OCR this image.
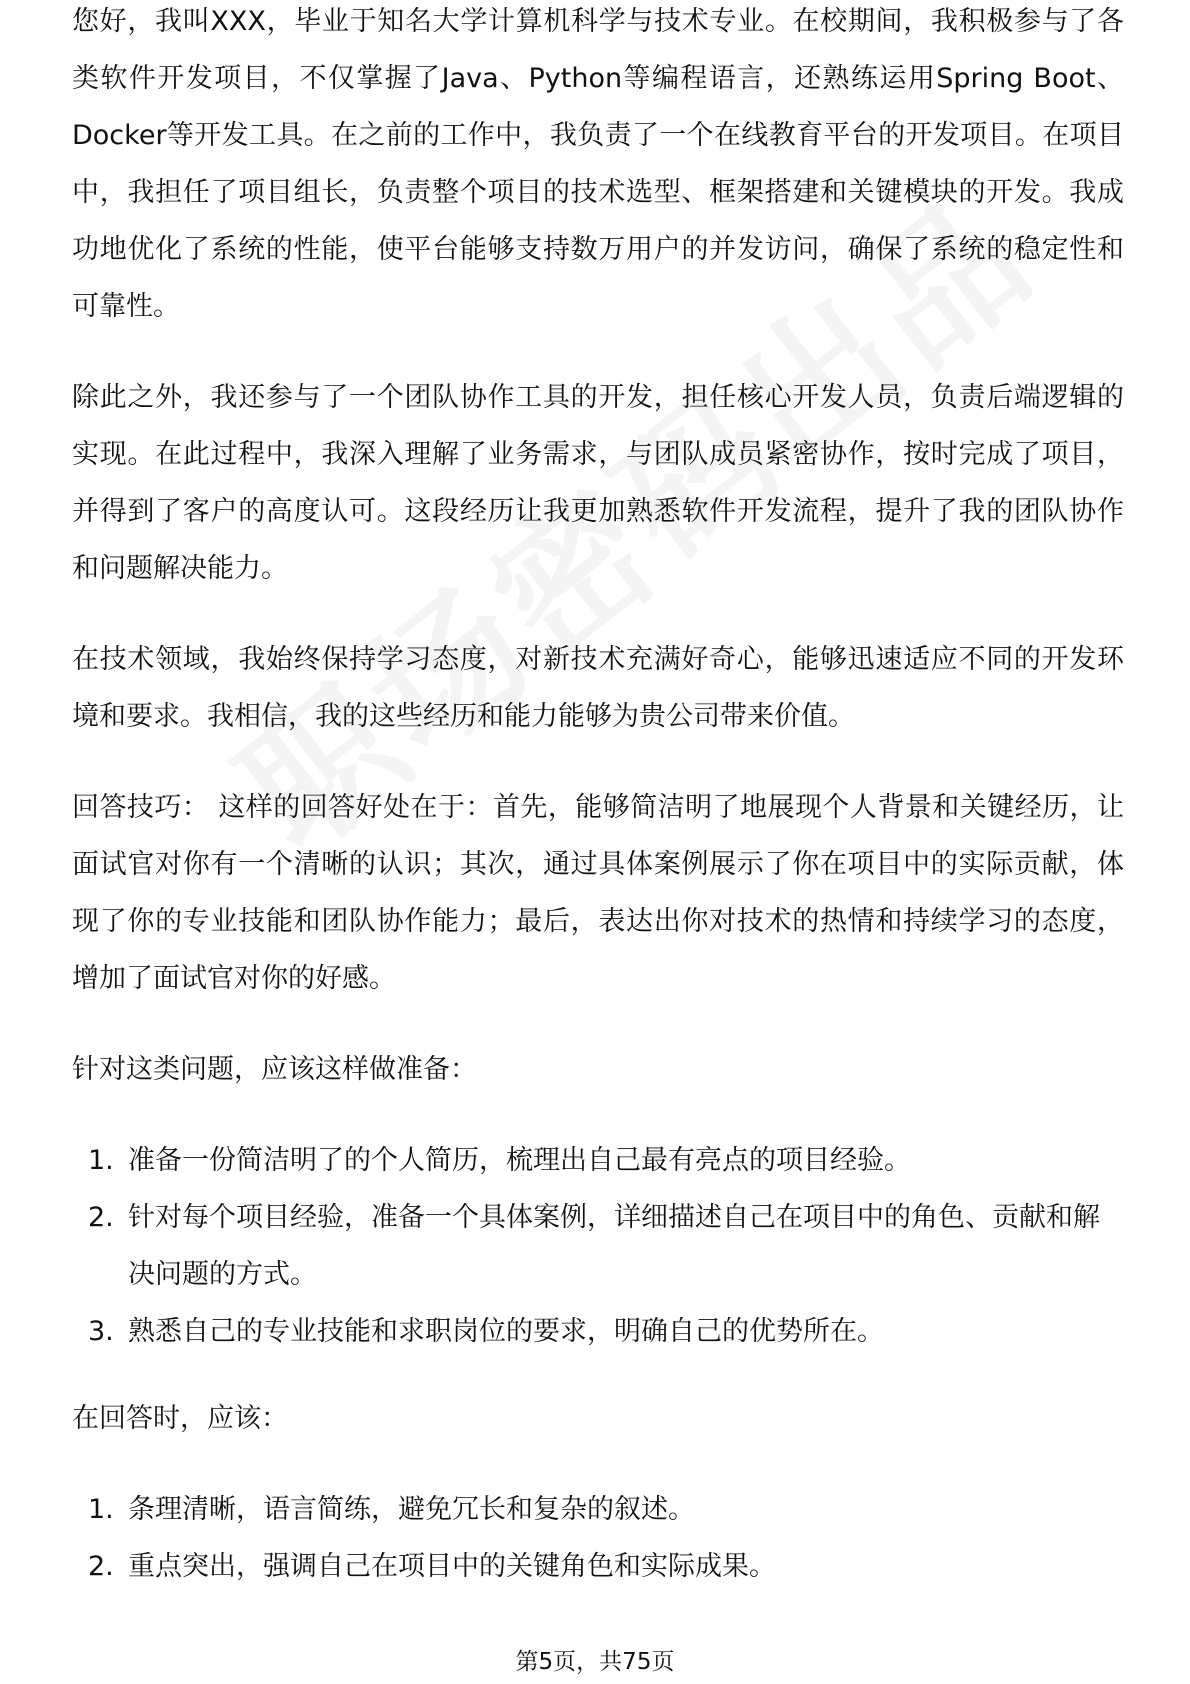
您好，我叫XXX，毕业于知名大学计算机科学与技术专业。在校期间，我积极参与了各类软件开发项目，不仅掌握了Java、Python等编程语言，还熟练运用Spring Boot、Docker等开发工具。在之前的工作中，我负责了一个在线教育平台的开发项目。在项目中，我担任了项目组长，负责整个项目的技术选型、框架搭建和关键模块的开发。我成功地优化了系统的性能，使平台能够支持数万用户的并发访问，确保了系统的稳定性和可靠性。

除此之外，我还参与了一个团队协作工具的开发，担任核心开发人员，负责后端逻辑的实现。在此过程中，我深入理解了业务需求，与团队成员紧密协作，按时完成了项目，并得到了客户的高度认可。这段经历让我更加熟悉软件开发流程，提升了我的团队协作和问题解决能力。

在技术领域，我始终保持学习态度，对新技术充满好奇心，能够迅速适应不同的开发环境和要求。我相信，我的这些经历和能力能够为贵公司带来价值。

回答技巧： 这样的回答好处在于：首先，能够简洁明了地展现个人背景和关键经历，让面试官对你有一个清晰的认识；其次，通过具体案例展示了你在项目中的实际贡献，体现了你的专业技能和团队协作能力；最后，表达出你对技术的热情和持续学习的态度，增加了面试官对你的好感。

针对这类问题，应该这样做准备：

1. 准备一份简洁明了的个人简历，梳理出自己最有亮点的项目经验。
2. 针对每个项目经验，准备一个具体案例，详细描述自己在项目中的角色、贡献和解决问题的方式。
3. 熟悉自己的专业技能和求职岗位的要求，明确自己的优势所在。

在回答时，应该：

1. 条理清晰，语言简练，避免冗长和复杂的叙述。
2. 重点突出，强调自己在项目中的关键角色和实际成果。
第5页，共75页
